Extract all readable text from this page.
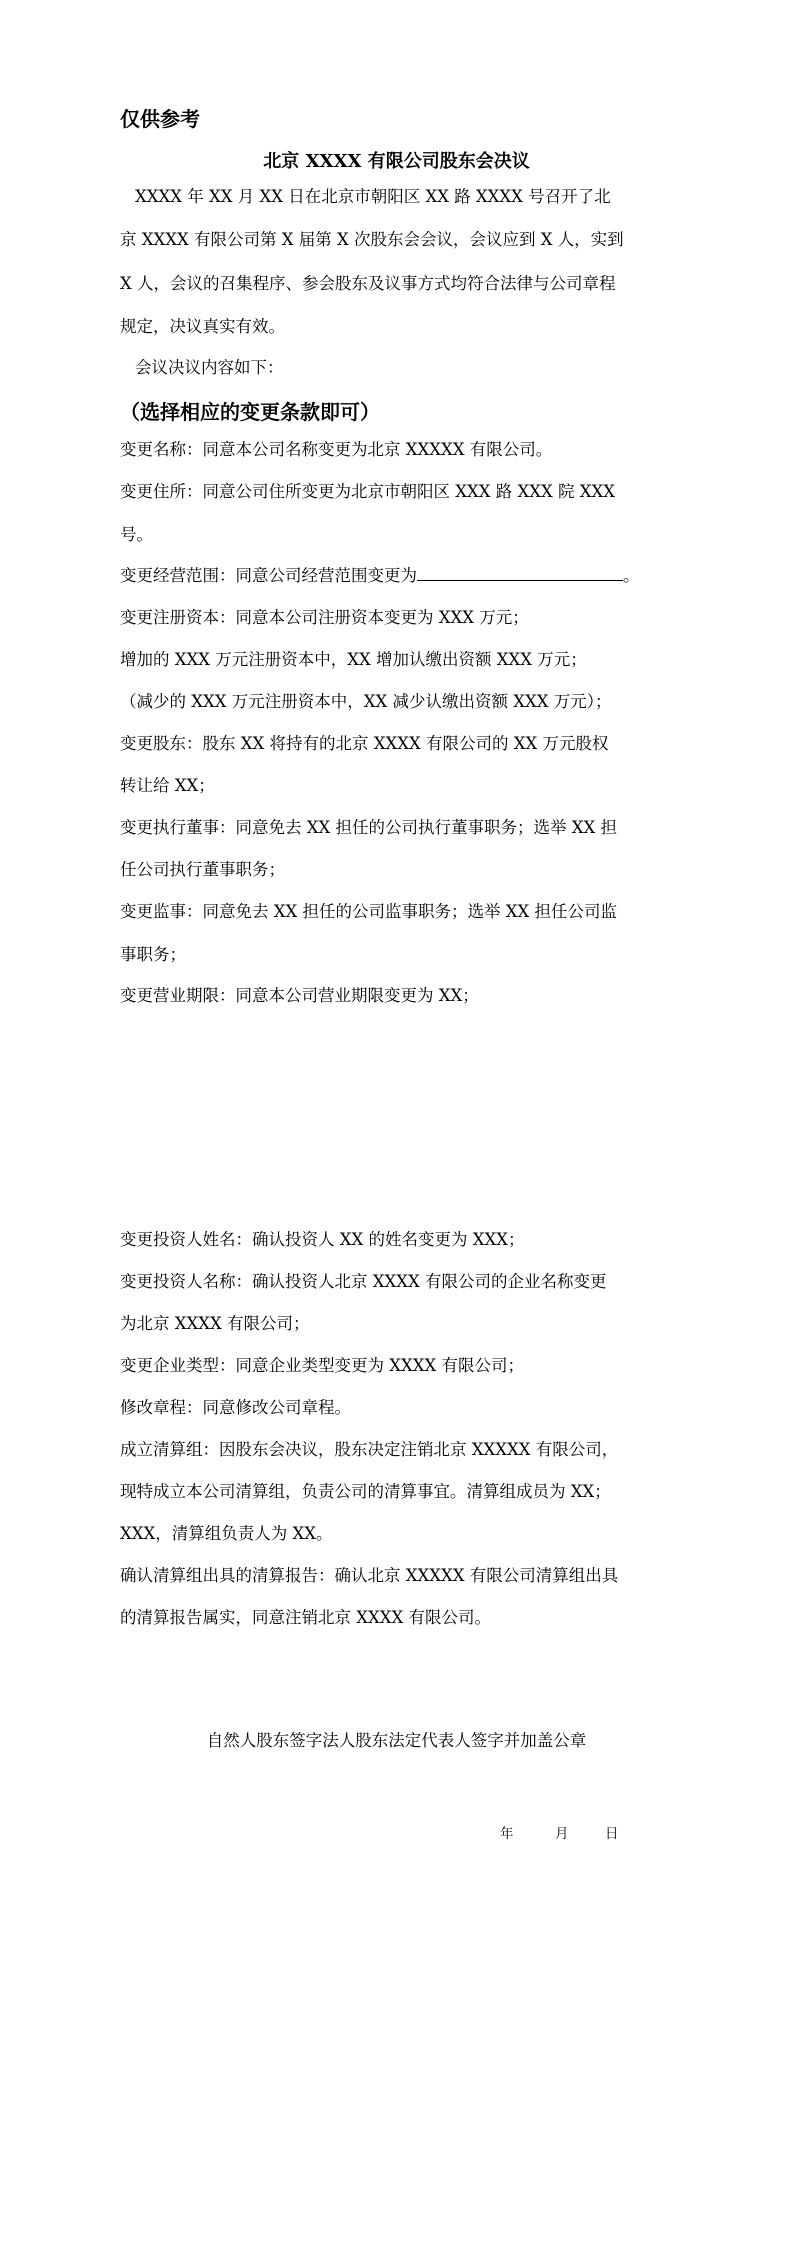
仅供参考
北京 XXXX 有限公司股东会决议
XXXX 年 XX 月 XX 日在北京市朝阳区 XX 路 XXXX 号召开了北
京 XXXX 有限公司第 X 届第 X 次股东会会议，会议应到 X 人，实到
X 人，会议的召集程序、参会股东及议事方式均符合法律与公司章程
规定，决议真实有效。
会议决议内容如下：
（选择相应的变更条款即可）
变更名称：同意本公司名称变更为北京 XXXXX 有限公司。
变更住所：同意公司住所变更为北京市朝阳区 XXX 路 XXX 院 XXX
号。
变更经营范围：同意公司经营范围变更为	。
变更注册资本：同意本公司注册资本变更为 XXX 万元；
增加的 XXX 万元注册资本中，XX 增加认缴出资额 XXX 万元；
（减少的 XXX 万元注册资本中，XX 减少认缴出资额 XXX 万元）；
变更股东：股东 XX 将持有的北京 XXXX 有限公司的 XX 万元股权
转让给 XX；
变更执行董事：同意免去 XX 担任的公司执行董事职务；选举 XX 担
任公司执行董事职务；
变更监事：同意免去 XX 担任的公司监事职务；选举 XX 担任公司监
事职务；
变更营业期限：同意本公司营业期限变更为 XX；
变更投资人姓名：确认投资人 XX 的姓名变更为 XXX；
变更投资人名称：确认投资人北京 XXXX 有限公司的企业名称变更
为北京 XXXX 有限公司；
变更企业类型：同意企业类型变更为 XXXX 有限公司；
修改章程：同意修改公司章程。
成立清算组：因股东会决议，股东决定注销北京 XXXXX 有限公司，
现特成立本公司清算组，负责公司的清算事宜。清算组成员为 XX；
XXX，清算组负责人为 XX。
确认清算组出具的清算报告：确认北京 XXXXX 有限公司清算组出具
的清算报告属实，同意注销北京 XXXX 有限公司。
自然人股东签字法人股东法定代表人签字并加盖公章
年	月	日
